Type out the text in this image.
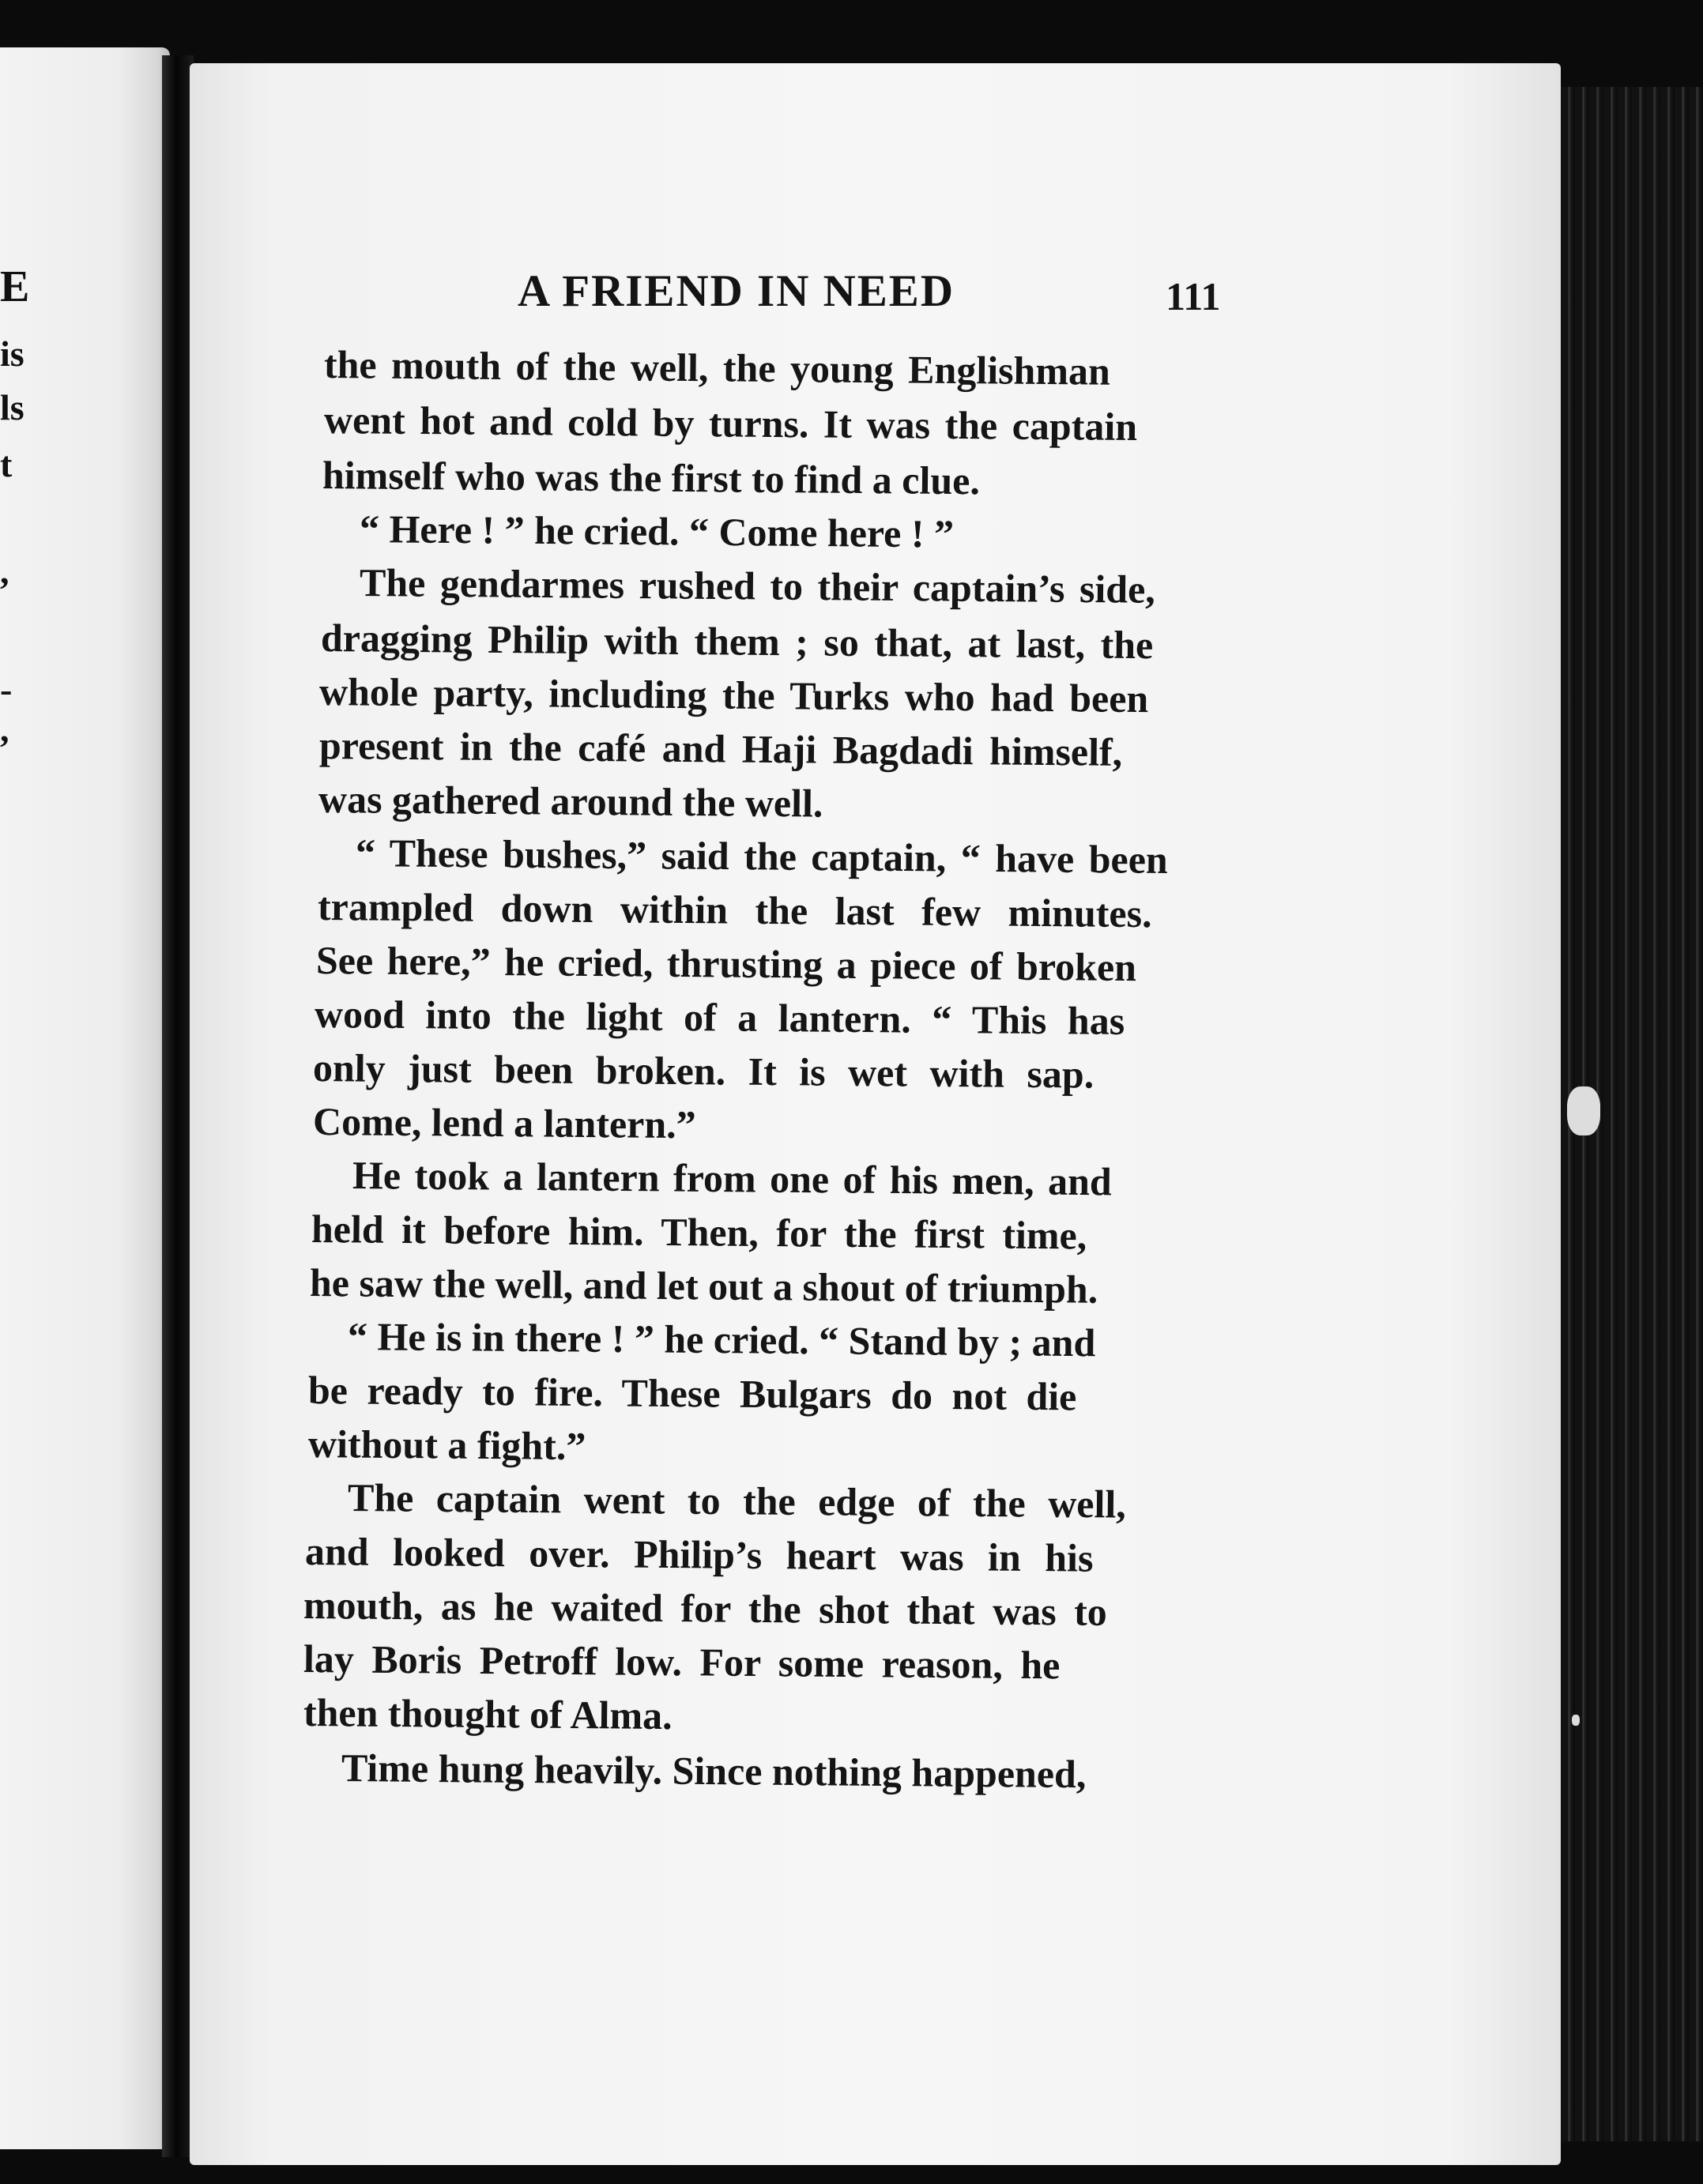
E
is
ls
t
,
-
,
A FRIEND IN NEED	111
the mouth of the well, the young Englishman
went hot and cold by turns. It was the captain
himself who was the first to find a clue.
“ Here ! ” he cried. “ Come here ! ”
The gendarmes rushed to their captain’s side,
dragging Philip with them ; so that, at last, the
whole party, including the Turks who had been
present in the café and Haji Bagdadi himself,
was gathered around the well.
“ These bushes,” said the captain, “ have been
trampled down within the last few minutes.
See here,” he cried, thrusting a piece of broken
wood into the light of a lantern. “ This has
only just been broken. It is wet with sap.
Come, lend a lantern.”
He took a lantern from one of his men, and
held it before him. Then, for the first time,
he saw the well, and let out a shout of triumph.
“ He is in there ! ” he cried. “ Stand by ; and
be ready to fire. These Bulgars do not die
without a fight.”
The captain went to the edge of the well,
and looked over. Philip’s heart was in his
mouth, as he waited for the shot that was to
lay Boris Petroff low. For some reason, he
then thought of Alma.
Time hung heavily. Since nothing happened,
